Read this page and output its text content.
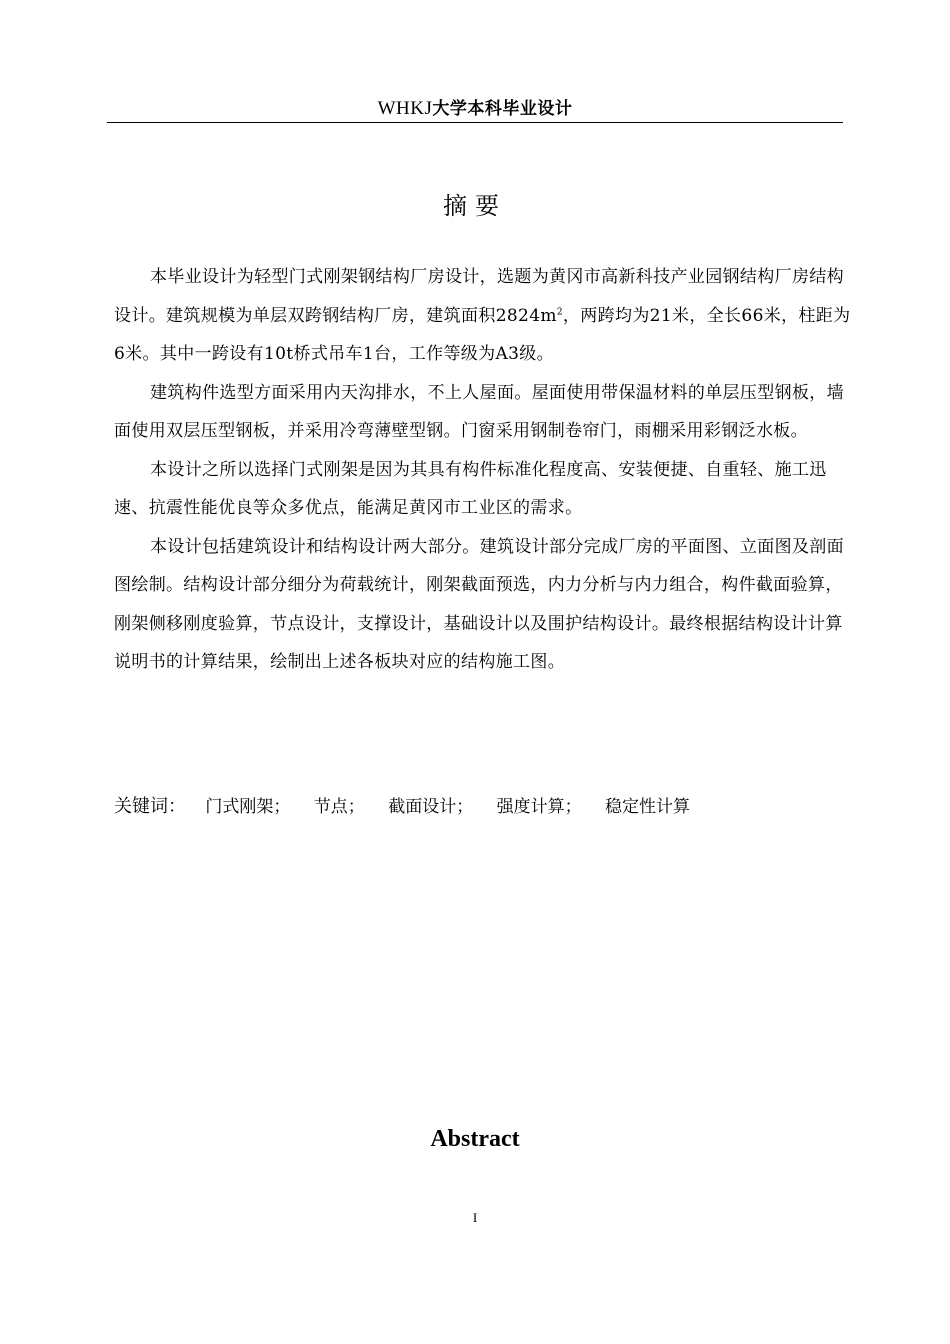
WHKJ大学本科毕业设计
摘要

本毕业设计为轻型门式刚架钢结构厂房设计，选题为黄冈市高新科技产业园钢结构厂房结构设计。建筑规模为单层双跨钢结构厂房，建筑面积$2824m^2$，两跨均为21米，全长66米，柱距为6米。其中一跨设有10t桥式吊车1台，工作等级为A3级。

建筑构件选型方面采用内天沟排水，不上人屋面。屋面使用带保温材料的单层压型钢板，墙面使用双层压型钢板，并采用冷弯薄壁型钢。门窗采用钢制卷帘门，雨棚采用彩钢泛水板。

本设计之所以选择门式刚架是因为其具有构件标准化程度高、安装便捷、自重轻、施工迅速、抗震性能优良等众多优点，能满足黄冈市工业区的需求。

本设计包括建筑设计和结构设计两大部分。建筑设计部分完成厂房的平面图、立面图及剖面图绘制。结构设计部分细分为荷载统计，刚架截面预选，内力分析与内力组合，构件截面验算，刚架侧移刚度验算，节点设计，支撑设计，基础设计以及围护结构设计。最终根据结构设计计算说明书的计算结果，绘制出上述各板块对应的结构施工图。

关键词： 门式刚架； 节点； 截面设计； 强度计算； 稳定性计算
Abstract
I
